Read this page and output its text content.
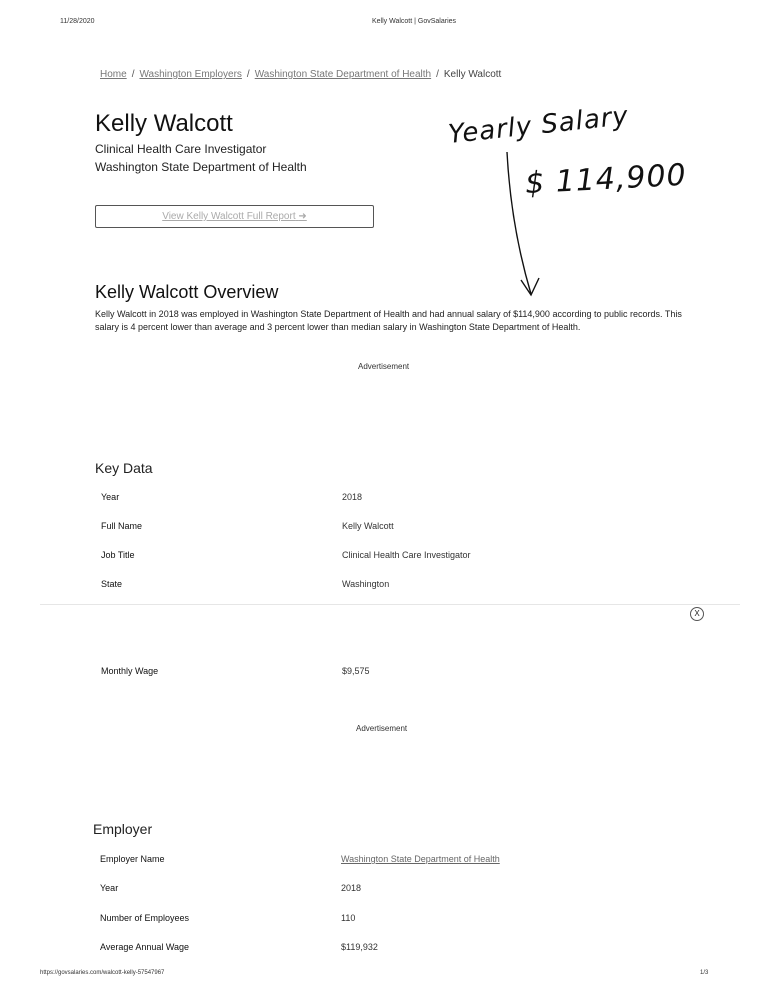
11/28/2020	Kelly Walcott | GovSalaries
Home / Washington Employers / Washington State Department of Health / Kelly Walcott
Kelly Walcott
Clinical Health Care Investigator
Washington State Department of Health
View Kelly Walcott Full Report ➜
Yearly Salary
$ 114,900
Kelly Walcott Overview
Kelly Walcott in 2018 was employed in Washington State Department of Health and had annual salary of $114,900 according to public records. This salary is 4 percent lower than average and 3 percent lower than median salary in Washington State Department of Health.
Advertisement
Key Data
Year	2018
Full Name	Kelly Walcott
Job Title	Clinical Health Care Investigator
State	Washington
X
Monthly Wage	$9,575
Advertisement
Employer
Employer Name	Washington State Department of Health
Year	2018
Number of Employees	110
Average Annual Wage	$119,932
https://govsalaries.com/walcott-kelly-57547967	1/3
